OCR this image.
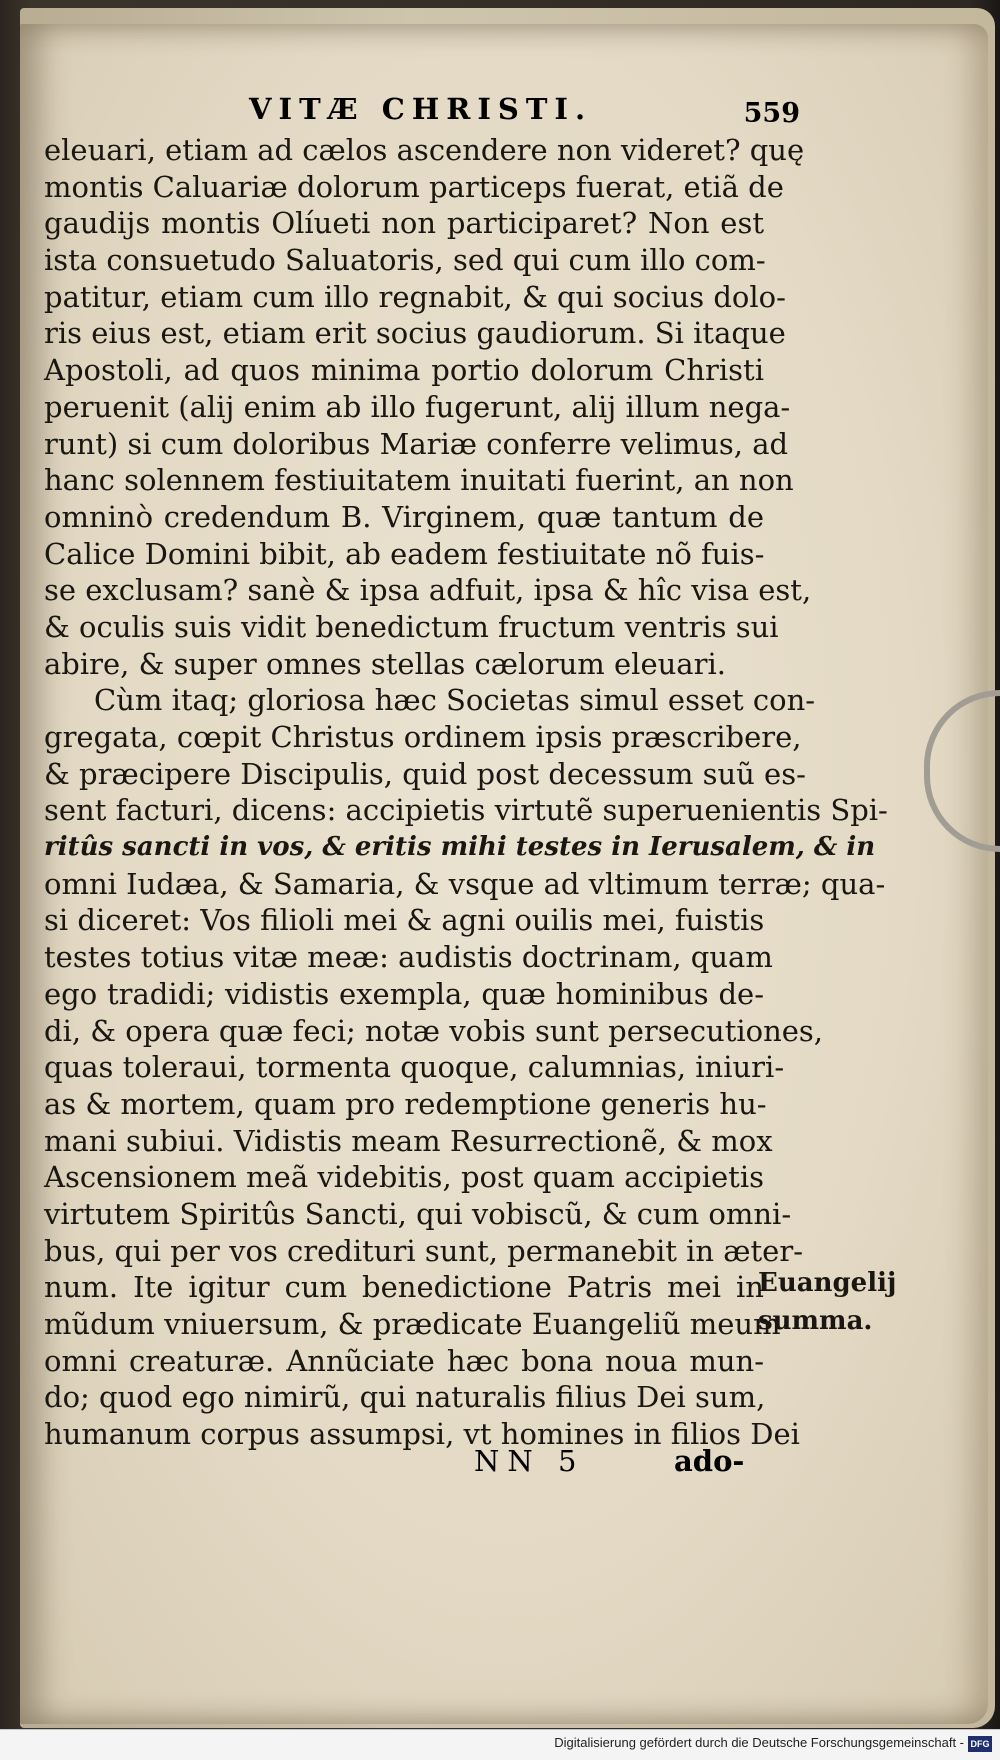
VITÆ CHRISTI.	559
eleuari, etiam ad cælos ascendere non videret? quę
montis Caluariæ dolorum particeps fuerat, etiã de
gaudijs montis Olíueti non participaret? Non est
ista consuetudo Saluatoris, sed qui cum illo com-
patitur, etiam cum illo regnabit, & qui socius dolo-
ris eius est, etiam erit socius gaudiorum. Si itaque
Apostoli, ad quos minima portio dolorum Christi
peruenit (alij enim ab illo fugerunt, alij illum nega-
runt) si cum doloribus Mariæ conferre velimus, ad
hanc solennem festiuitatem inuitati fuerint, an non
omninò credendum B. Virginem, quæ tantum de
Calice Domini bibit, ab eadem festiuitate nõ fuis-
se exclusam? sanè & ipsa adfuit, ipsa & hîc visa est,
& oculis suis vidit benedictum fructum ventris sui
abire, & super omnes stellas cælorum eleuari.
Cùm itaq; gloriosa hæc Societas simul esset con-
gregata, cœpit Christus ordinem ipsis præscribere,
& præcipere Discipulis, quid post decessum suũ es-
sent facturi, dicens: accipietis virtutẽ superuenientis Spi-
ritûs sancti in vos, & eritis mihi testes in Ierusalem, & in
omni Iudæa, & Samaria, & vsque ad vltimum terræ; qua-
si diceret: Vos filioli mei & agni ouilis mei, fuistis
testes totius vitæ meæ: audistis doctrinam, quam
ego tradidi; vidistis exempla, quæ hominibus de-
di, & opera quæ feci; notæ vobis sunt persecutiones,
quas toleraui, tormenta quoque, calumnias, iniuri-
as & mortem, quam pro redemptione generis hu-
mani subiui. Vidistis meam Resurrectionẽ, & mox
Ascensionem meã videbitis, post quam accipietis
virtutem Spiritûs Sancti, qui vobiscũ, & cum omni-
bus, qui per vos credituri sunt, permanebit in æter-
num. Ite igitur cum benedictione Patris mei in
mũdum vniuersum, & prædicate Euangeliũ meum
omni creaturæ. Annũciate hæc bona noua mun-
do; quod ego nimirũ, qui naturalis filius Dei sum,
humanum corpus assumpsi, vt homines in filios Dei
Euangelij
summa.
NN 5	ado-
Digitalisierung gefördert durch die Deutsche Forschungsgemeinschaft - DFG
